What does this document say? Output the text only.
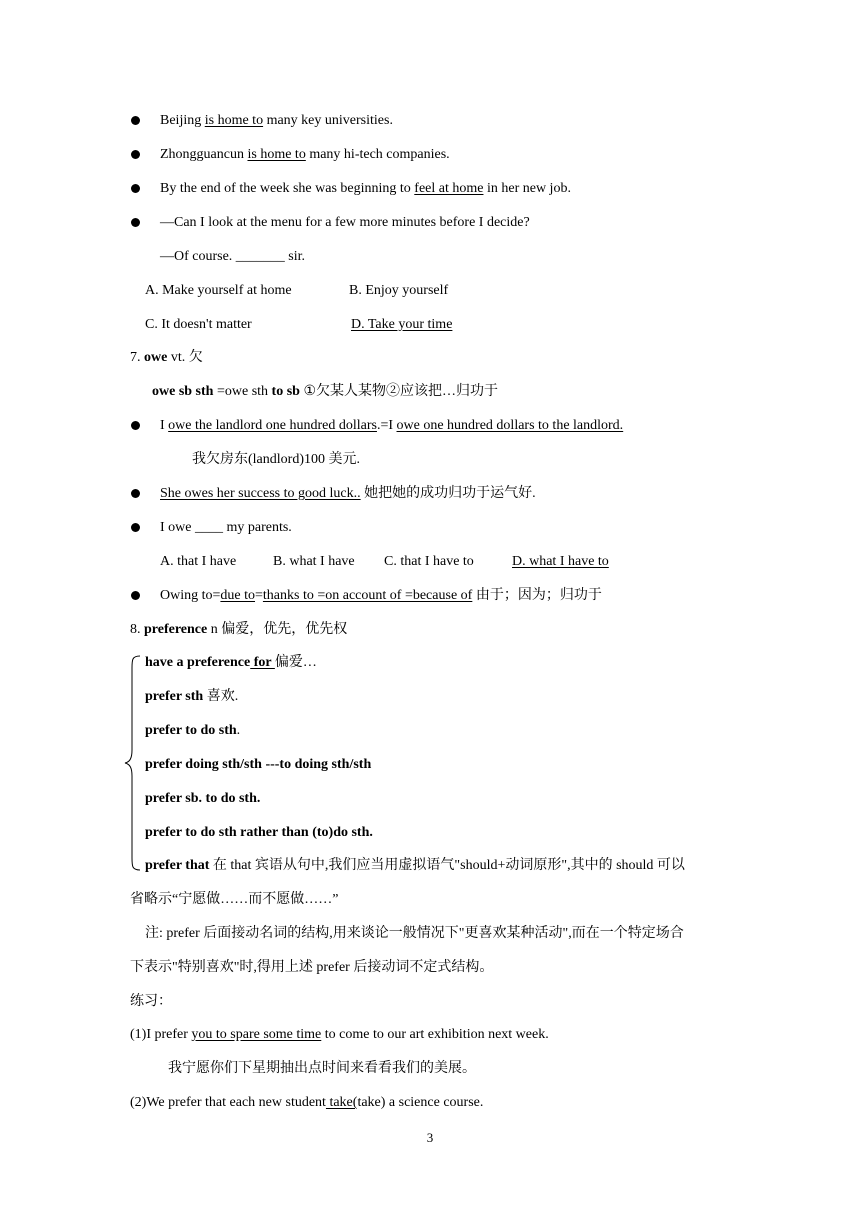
Beijing is home to many key universities.
Zhongguancun is home to many hi-tech companies.
By the end of the week she was beginning to feel at home in her new job.
—Can I look at the menu for a few more minutes before I decide?
—Of course. _______ sir.
A. Make yourself at home	B. Enjoy yourself
C. It doesn't matter	D. Take your time
7. owe vt. 欠
owe sb sth =owe sth to sb ①欠某人某物②应该把…归功于
I owe the landlord one hundred dollars.=I owe one hundred dollars to the landlord.
我欠房东(landlord)100 美元.
She owes her success to good luck.. 她把她的成功归功于运气好.
I owe ____ my parents.
A. that I have	B. what I have C. that I have to	D. what I have to
Owing to=due to=thanks to =on account of =because of 由于；因为；归功于
8. preference n 偏爱，优先，优先权
have a preference for 偏爱…
prefer sth 喜欢.
prefer to do sth.
prefer doing sth/sth ---to doing sth/sth
prefer sb. to do sth.
prefer to do sth rather than (to)do sth.
prefer that 在 that 宾语从句中,我们应当用虚拟语气"should+动词原形",其中的 should 可以
省略示“宁愿做……而不愿做……”
注: prefer 后面接动名词的结构,用来谈论一般情况下"更喜欢某种活动",而在一个特定场合
下表示"特别喜欢"时,得用上述 prefer 后接动词不定式结构。
练习：
(1)I prefer you to spare some time to come to our art exhibition next week.
我宁愿你们下星期抽出点时间来看看我们的美展。
(2)We prefer that each new student take(take) a science course.
3
